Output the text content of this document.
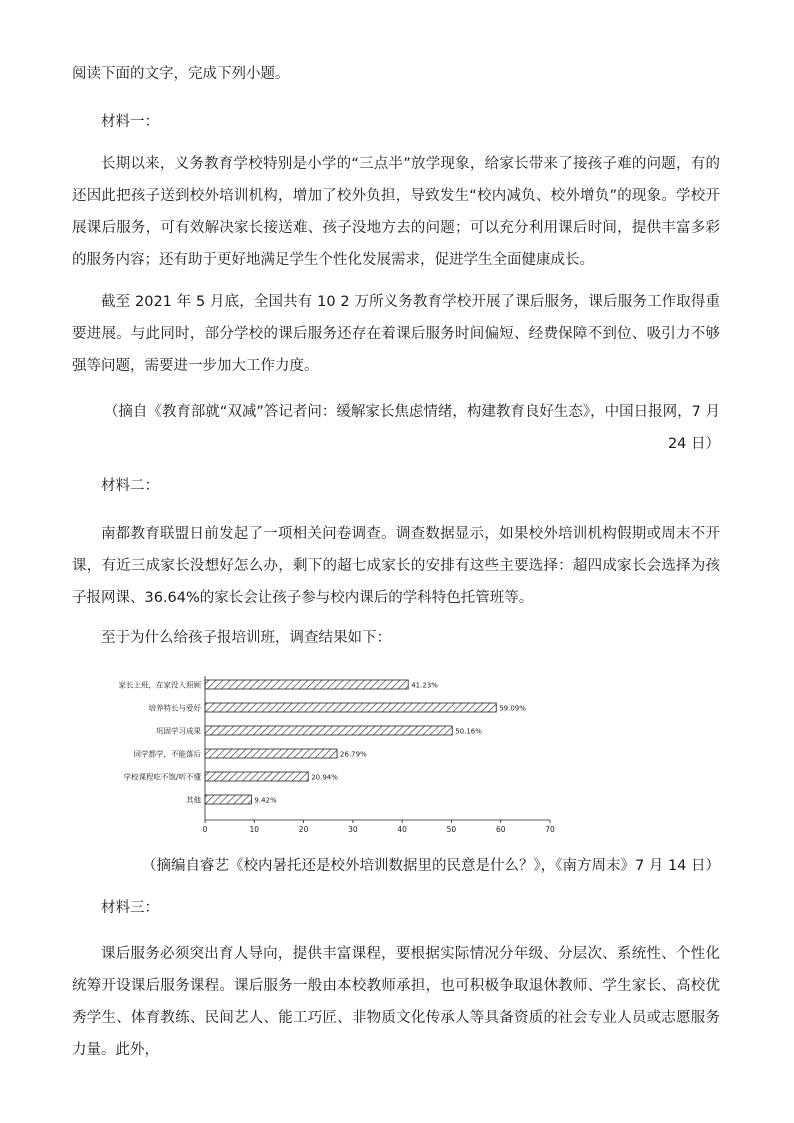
阅读下面的文字，完成下列小题。
材料一：
长期以来，义务教育学校特别是小学的“三点半”放学现象，给家长带来了接孩子难的问题，有的还因此把孩子送到校外培训机构，增加了校外负担，导致发生“校内减负、校外增负”的现象。学校开展课后服务，可有效解决家长接送难、孩子没地方去的问题；可以充分利用课后时间，提供丰富多彩的服务内容；还有助于更好地满足学生个性化发展需求，促进学生全面健康成长。
截至 2021 年 5 月底，全国共有 10 2 万所义务教育学校开展了课后服务，课后服务工作取得重要进展。与此同时，部分学校的课后服务还存在着课后服务时间偏短、经费保障不到位、吸引力不够强等问题，需要进一步加大工作力度。
（摘自《教育部就“双减”答记者问：缓解家长焦虑情绪，构建教育良好生态》，中国日报网，7 月 24 日）
材料二：
南都教育联盟日前发起了一项相关问卷调查。调查数据显示，如果校外培训机构假期或周末不开课，有近三成家长没想好怎么办，剩下的超七成家长的安排有这些主要选择：超四成家长会选择为孩子报网课、36.64%的家长会让孩子参与校内课后的学科特色托管班等。
至于为什么给孩子报培训班，调查结果如下：
家长上班，在家没人照顾
培养特长与爱好
巩固学习成果
同学都学，不能落后
学校课程吃不饱/听不懂
其他
41.23%
59.09%
50.16%
26.79%
20.94%
9.42%
0	10	20	30	40	50	60	70
（摘编自睿艺《校内暑托还是校外培训数据里的民意是什么？》，《南方周末》7 月 14 日）
材料三：
课后服务必须突出育人导向，提供丰富课程，要根据实际情况分年级、分层次、系统性、个性化统筹开设课后服务课程。课后服务一般由本校教师承担，也可积极争取退休教师、学生家长、高校优秀学生、体育教练、民间艺人、能工巧匠、非物质文化传承人等具备资质的社会专业人员或志愿服务力量。此外，
